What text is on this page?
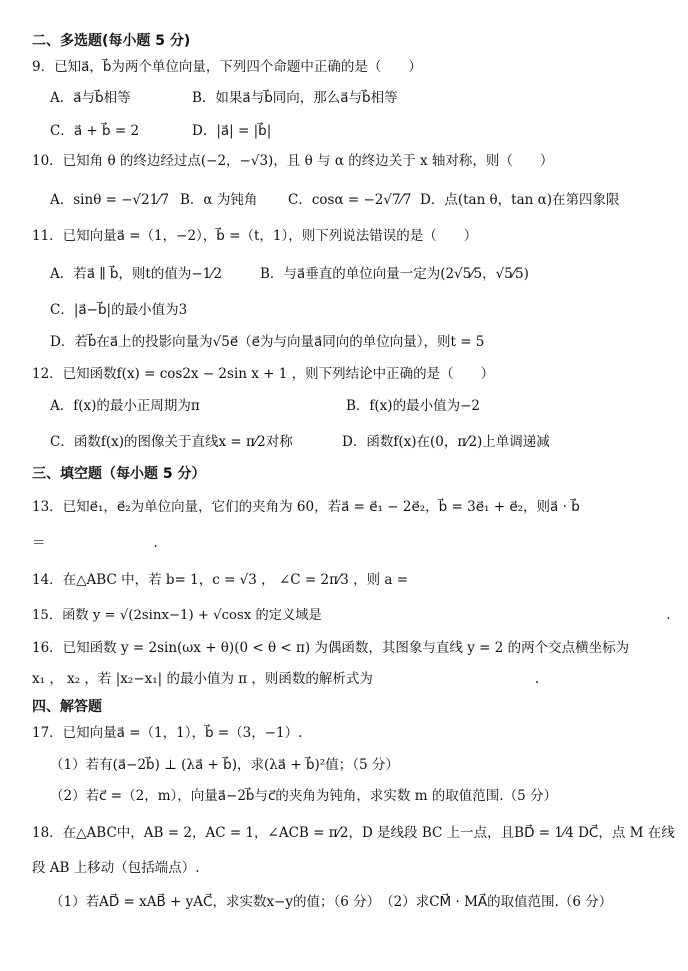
二、多选题(每小题 5 分)
9．已知a⃗，b⃗为两个单位向量，下列四个命题中正确的是（　　）
A．a⃗与b⃗相等	B．如果a⃗与b⃗同向，那么a⃗与b⃗相等
C．a⃗ + b⃗ = 2	D．|a⃗| = |b⃗|
10．已知角 θ 的终边经过点(−2，−√3)，且 θ 与 α 的终边关于 x 轴对称，则（　　）
A．sinθ = −√21⁄7 B．α 为钝角 C．cosα = −2√7⁄7 D．点(tan θ，tan α)在第四象限
11．已知向量a⃗ =（1，−2），b⃗ =（t，1），则下列说法错误的是（　　）
A．若a⃗ ∥ b⃗，则t的值为−1⁄2	B．与a⃗垂直的单位向量一定为(2√5⁄5，√5⁄5)
C．|a⃗−b⃗|的最小值为3
D．若b⃗在a⃗上的投影向量为√5e⃗（e⃗为与向量a⃗同向的单位向量），则t = 5
12．已知函数f(x) = cos2x − 2sin x + 1 ，则下列结论中正确的是（　　）
A．f(x)的最小正周期为π	B．f(x)的最小值为−2
C．函数f(x)的图像关于直线x = π⁄2对称	D．函数f(x)在(0，π⁄2)上单调递减
三、填空题（每小题 5 分）
13．已知e⃗₁，e⃗₂为单位向量，它们的夹角为 60，若a⃗ = e⃗₁ − 2e⃗₂，b⃗ = 3e⃗₁ + e⃗₂，则a⃗ · b⃗
＝　　　　　　　　.
14．在△ABC 中，若 b= 1，c = √3 ， ∠C = 2π⁄3 ，则 a =
15．函数 y = √(2sinx−1) + √cosx 的定义域是　　　　　　　　　　　　　　　　　　　　　　　　　　.
16．已知函数 y = 2sin(ωx + θ)(0 < θ < π) 为偶函数，其图象与直线 y = 2 的两个交点横坐标为
x₁ ， x₂ ，若 |x₂−x₁| 的最小值为 π ，则函数的解析式为　　　　　　　　　　　　.
四、解答题
17．已知向量a⃗ =（1，1），b⃗ =（3，−1）.
（1）若有(a⃗−2b⃗) ⊥ (λa⃗ + b⃗)，求(λa⃗ + b⃗)²值；（5 分）
（2）若c⃗ =（2，m），向量a⃗−2b⃗与c⃗的夹角为钝角，求实数 m 的取值范围.（5 分）
18．在△ABC中，AB = 2，AC = 1，∠ACB = π⁄2，D 是线段 BC 上一点，且BD⃗ = 1⁄4 DC⃗，点 M 在线
段 AB 上移动（包括端点）.
（1）若AD⃗ = xAB⃗ + yAC⃗，求实数x−y的值；（6 分）　（2）求CM⃗ · MA⃗的取值范围.（6 分）
